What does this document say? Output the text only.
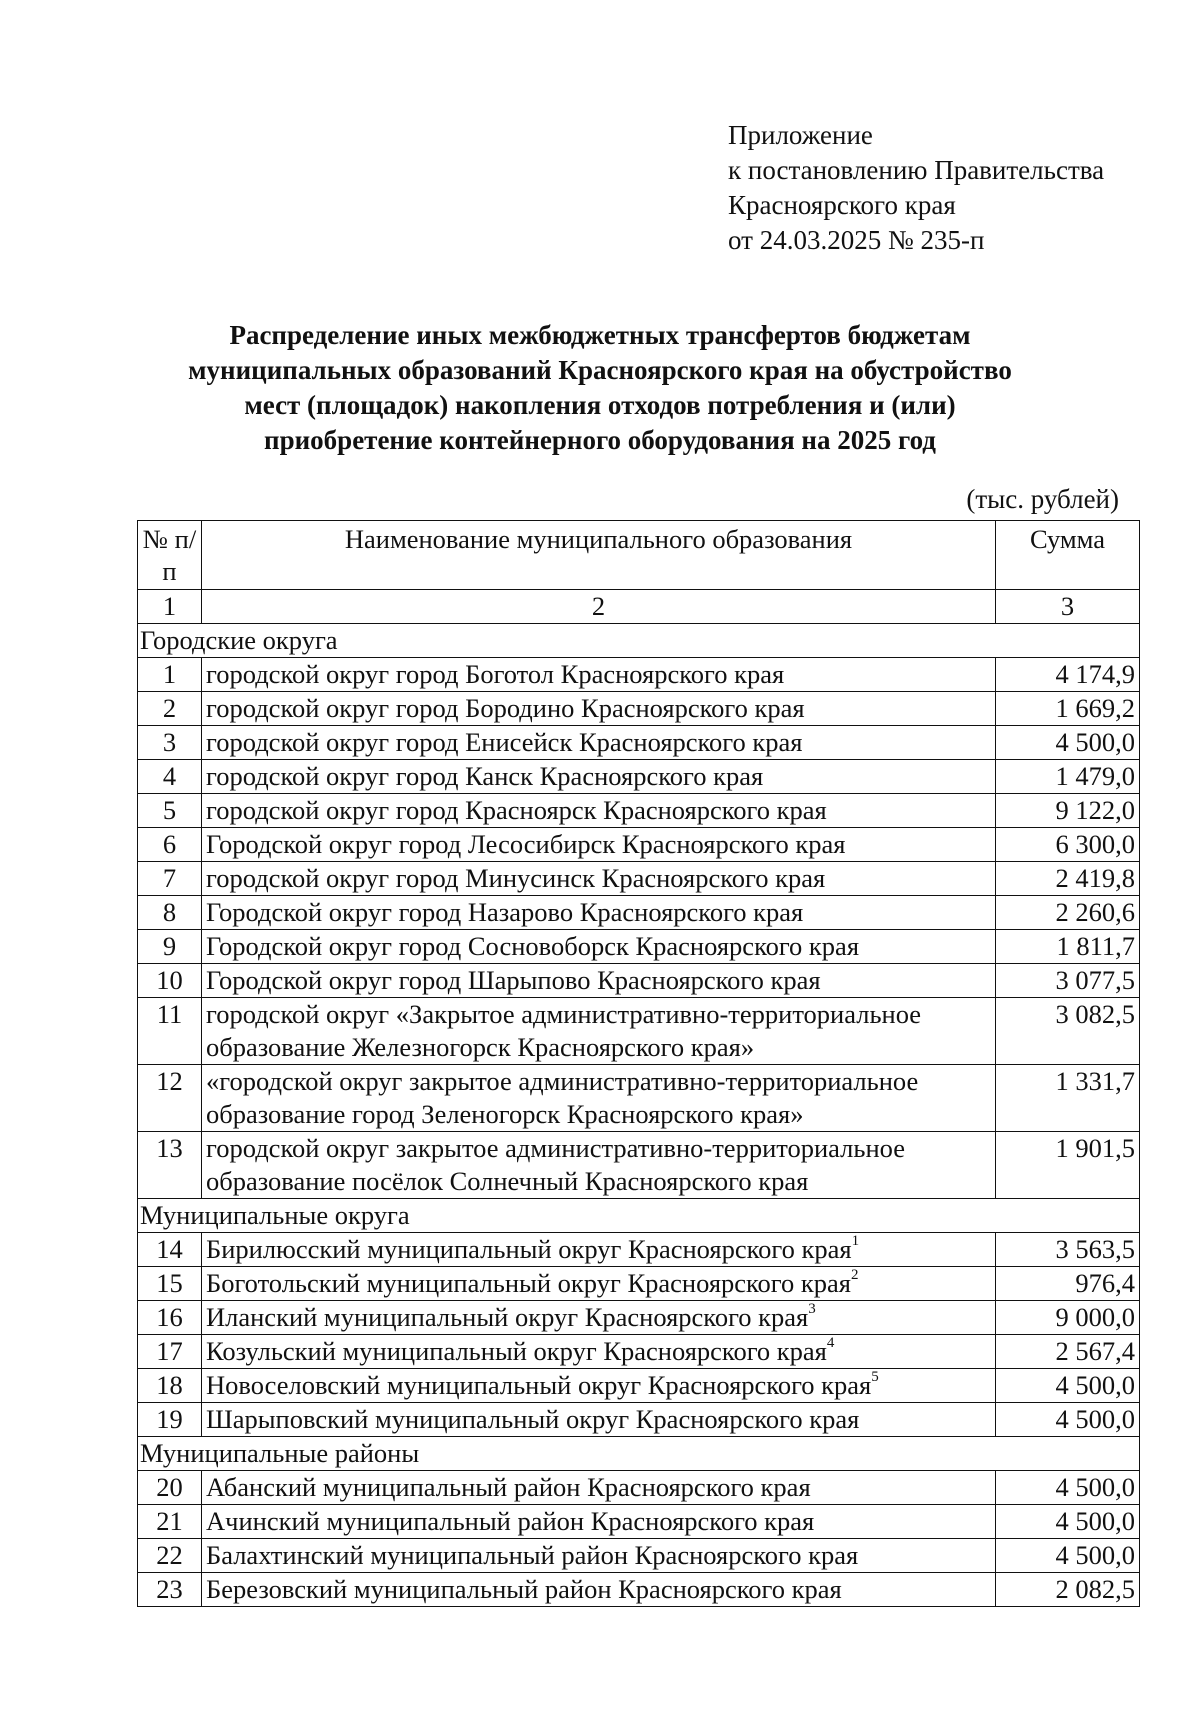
Приложение
к постановлению Правительства
Красноярского края
от 24.03.2025 № 235-п
Распределение иных межбюджетных трансфертов бюджетам
муниципальных образований Красноярского края на обустройство
мест (площадок) накопления отходов потребления и (или)
приобретение контейнерного оборудования на 2025 год
(тыс. рублей)
№ п/п	Наименование муниципального образования	Сумма
1	2	3
Городские округа		
1	городской округ город Боготол Красноярского края	4 174,9
2	городской округ город Бородино Красноярского края	1 669,2
3	городской округ город Енисейск Красноярского края	4 500,0
4	городской округ город Канск Красноярского края	1 479,0
5	городской округ город Красноярск Красноярского края	9 122,0
6	Городской округ город Лесосибирск Красноярского края	6 300,0
7	городской округ город Минусинск Красноярского края	2 419,8
8	Городской округ город Назарово Красноярского края	2 260,6
9	Городской округ город Сосновоборск Красноярского края	1 811,7
10	Городской округ город Шарыпово Красноярского края	3 077,5
11	городской округ «Закрытое административно-территориальное образование Железногорск Красноярского края»	3 082,5
12	«городской округ закрытое административно-территориальное образование город Зеленогорск Красноярского края»	1 331,7
13	городской округ закрытое административно-территориальное образование посёлок Солнечный Красноярского края	1 901,5
Муниципальные округа		
14	Бирилюсский муниципальный округ Красноярского края$^1$	3 563,5
15	Боготольский муниципальный округ Красноярского края$^2$	976,4
16	Иланский муниципальный округ Красноярского края$^3$	9 000,0
17	Козульский муниципальный округ Красноярского края$^4$	2 567,4
18	Новоселовский муниципальный округ Красноярского края$^5$	4 500,0
19	Шарыповский муниципальный округ Красноярского края	4 500,0
Муниципальные районы		
20	Абанский муниципальный район Красноярского края	4 500,0
21	Ачинский муниципальный район Красноярского края	4 500,0
22	Балахтинский муниципальный район Красноярского края	4 500,0
23	Березовский муниципальный район Красноярского края	2 082,5
